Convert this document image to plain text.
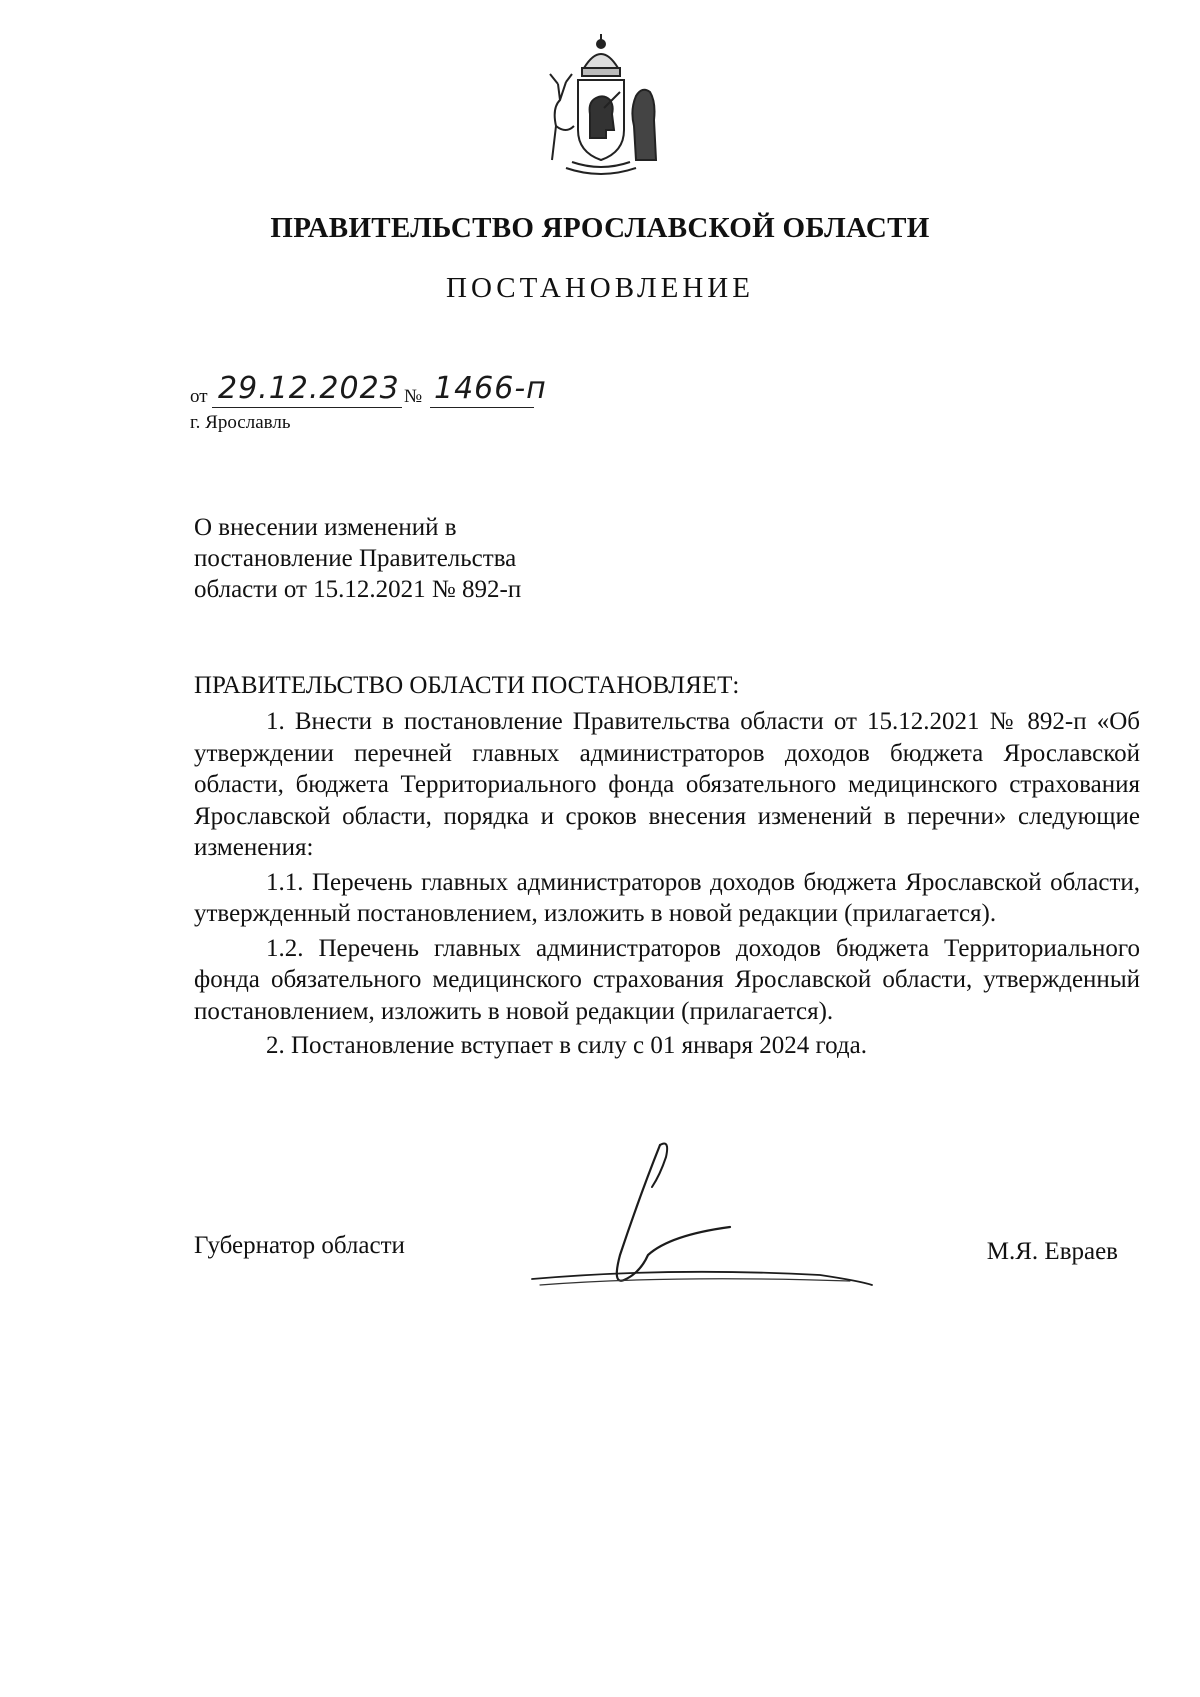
ПРАВИТЕЛЬСТВО ЯРОСЛАВСКОЙ ОБЛАСТИ
ПОСТАНОВЛЕНИЕ
от 29.12.2023 № 1466-п
г. Ярославль
О внесении изменений в
постановление Правительства
области от 15.12.2021 № 892-п
ПРАВИТЕЛЬСТВО ОБЛАСТИ ПОСТАНОВЛЯЕТ:

1. Внести в постановление Правительства области от 15.12.2021 № 892-п «Об утверждении перечней главных администраторов доходов бюджета Ярославской области, бюджета Территориального фонда обязательного медицинского страхования Ярославской области, порядка и сроков внесения изменений в перечни» следующие изменения:

1.1. Перечень главных администраторов доходов бюджета Ярославской области, утвержденный постановлением, изложить в новой редакции (прилагается).

1.2. Перечень главных администраторов доходов бюджета Территориального фонда обязательного медицинского страхования Ярославской области, утвержденный постановлением, изложить в новой редакции (прилагается).

2. Постановление вступает в силу с 01 января 2024 года.

Губернатор области	М.Я. Евраев
